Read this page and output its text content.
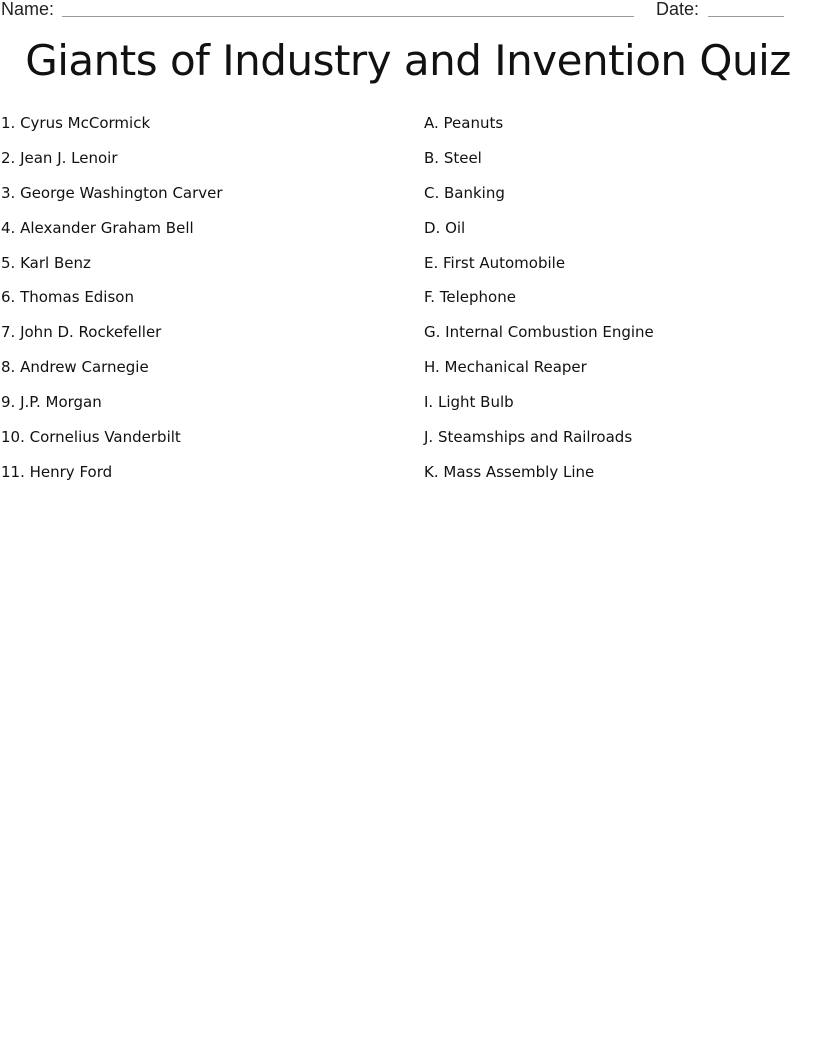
Name:	Date:
Giants of Industry and Invention Quiz
1. Cyrus McCormick
2. Jean J. Lenoir
3. George Washington Carver
4. Alexander Graham Bell
5. Karl Benz
6. Thomas Edison
7. John D. Rockefeller
8. Andrew Carnegie
9. J.P. Morgan
10. Cornelius Vanderbilt
11. Henry Ford
A. Peanuts
B. Steel
C. Banking
D. Oil
E. First Automobile
F. Telephone
G. Internal Combustion Engine
H. Mechanical Reaper
I. Light Bulb
J. Steamships and Railroads
K. Mass Assembly Line
